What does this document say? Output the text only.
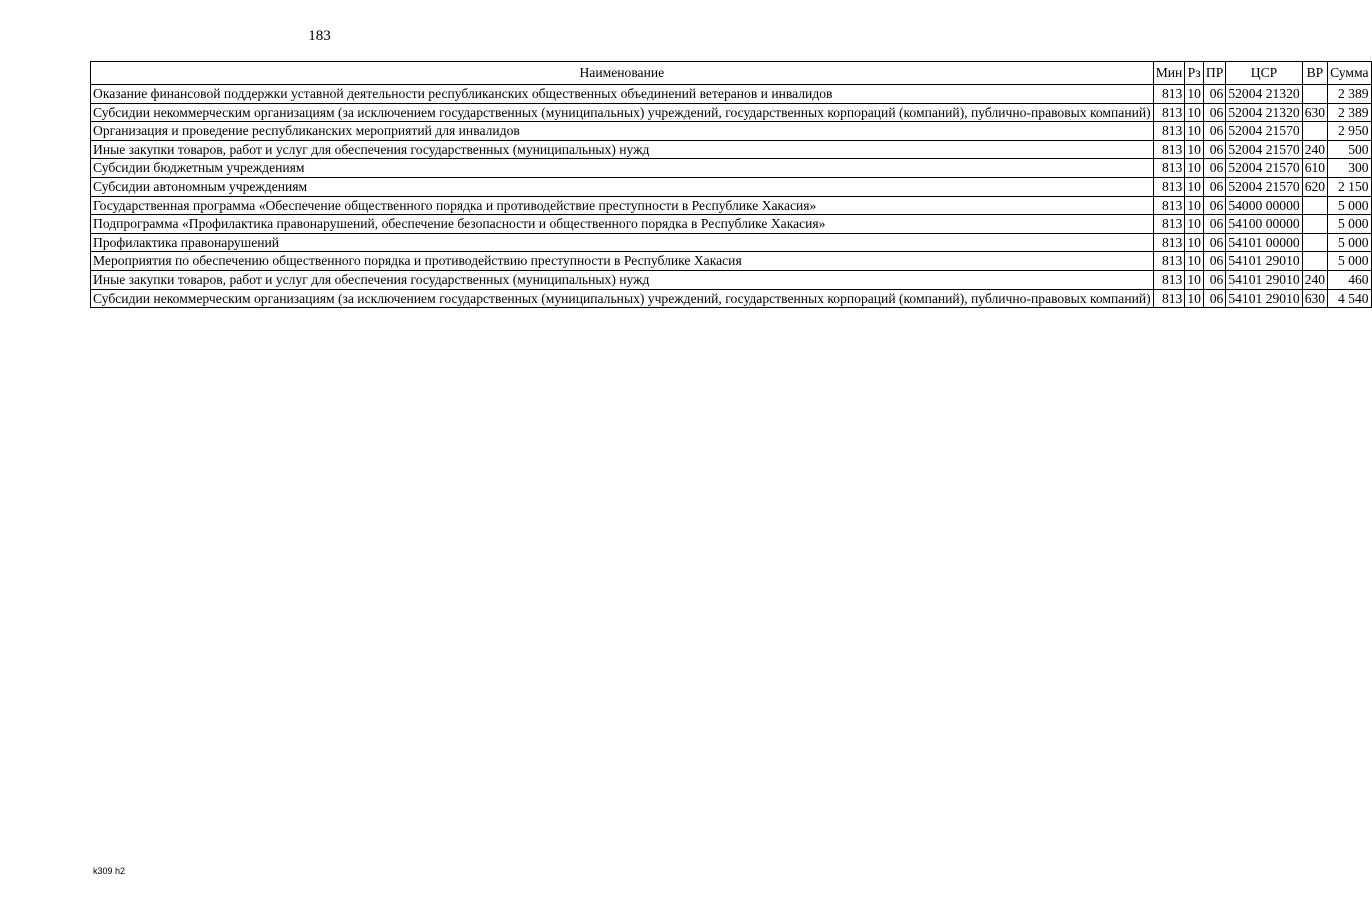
183
Наименование	Мин	Рз	ПР	ЦСР	ВР	Сумма
Оказание финансовой поддержки уставной деятельности республиканских общественных объединений ветеранов и инвалидов	813	10	06	52004 21320		2 389
Субсидии некоммерческим организациям (за исключением государственных (муниципальных) учреждений, государственных корпораций (компаний), публично-правовых компаний)	813	10	06	52004 21320	630	2 389
Организация и проведение республиканских мероприятий для инвалидов	813	10	06	52004 21570		2 950
Иные закупки товаров, работ и услуг для обеспечения государственных (муниципальных) нужд	813	10	06	52004 21570	240	500
Субсидии бюджетным учреждениям	813	10	06	52004 21570	610	300
Субсидии автономным учреждениям	813	10	06	52004 21570	620	2 150
Государственная программа «Обеспечение общественного порядка и противодействие преступности в Республике Хакасия»	813	10	06	54000 00000		5 000
Подпрограмма «Профилактика правонарушений, обеспечение безопасности и общественного порядка в Республике Хакасия»	813	10	06	54100 00000		5 000
Профилактика правонарушений	813	10	06	54101 00000		5 000
Мероприятия по обеспечению общественного порядка и противодействию преступности в Республике Хакасия	813	10	06	54101 29010		5 000
Иные закупки товаров, работ и услуг для обеспечения государственных (муниципальных) нужд	813	10	06	54101 29010	240	460
Субсидии некоммерческим организациям (за исключением государственных (муниципальных) учреждений, государственных корпораций (компаний), публично-правовых компаний)	813	10	06	54101 29010	630	4 540
k309 h2
